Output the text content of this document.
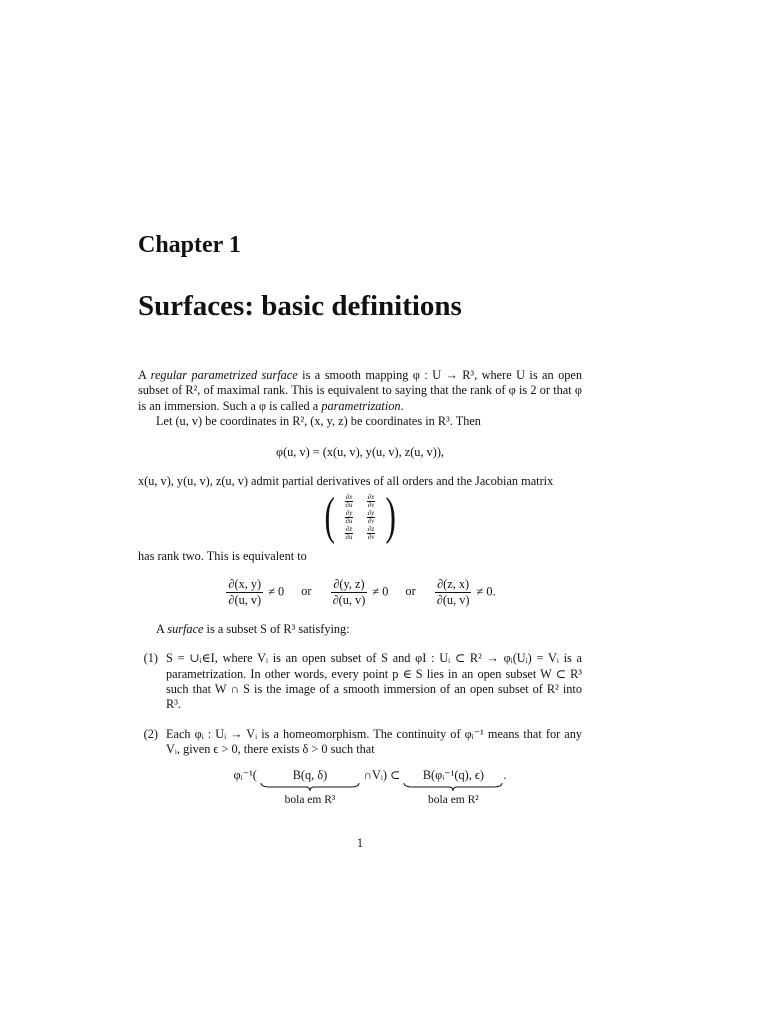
Chapter 1
Surfaces: basic definitions

A regular parametrized surface is a smooth mapping φ : U → R³, where U is an open subset of R², of maximal rank. This is equivalent to saying that the rank of φ is 2 or that φ is an immersion. Such a φ is called a parametrization.

Let (u, v) be coordinates in R², (x, y, z) be coordinates in R³. Then

φ(u, v) = (x(u, v), y(u, v), z(u, v)),

x(u, v), y(u, v), z(u, v) admit partial derivatives of all orders and the Jacobian matrix

( ∂x
∂u
∂x
∂v
∂y
∂u
∂y
∂v
∂z
∂u
∂z
∂v )

has rank two. This is equivalent to

$\frac{\partial(x, y)}{\partial(u, v)} \ne 0$ or $\frac{\partial(y, z)}{\partial(u, v)} \ne 0$ or $\frac{\partial(z, x)}{\partial(u, v)} \ne 0$.

A surface is a subset S of R³ satisfying:

(1) S = ∪ᵢ∈I, where Vᵢ is an open subset of S and φI : Uᵢ ⊂ R² → φᵢ(Uᵢ) = Vᵢ is a parametrization. In other words, every point p ∈ S lies in an open subset W ⊂ R³ such that W ∩ S is the image of a smooth immersion of an open subset of R² into R³.
(2) Each φᵢ : Uᵢ → Vᵢ is a homeomorphism. The continuity of φᵢ⁻¹ means that for any Vᵢ, given ϵ > 0, there exists δ > 0 such that
φᵢ⁻¹(	B(q, δ)
bola em R³
∩Vᵢ) ⊂ B(φᵢ⁻¹(q), ϵ)
bola em R²
.
1
